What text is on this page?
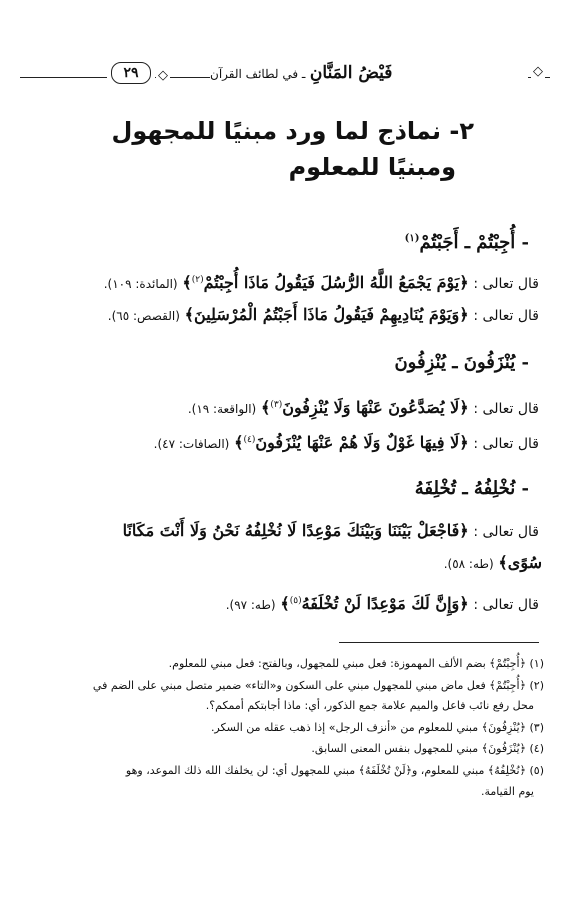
◇
فَيْضُ المَنَّانِ ـ في لطائف القرآن
◇
٢٩
٢- نماذج لما ورد مبنيًا للمجهول
ومبنيًا للمعلوم
- أُجِبْتُمْ ـ أَجَبْتُمْ$^{(١)}$
قال تعالى : ﴿يَوْمَ يَجْمَعُ اللَّهُ الرُّسُلَ فَيَقُولُ مَاذَا أُجِبْتُمْ$^{(٢)}$﴾ (المائدة: ١٠٩).
قال تعالى : ﴿وَيَوْمَ يُنَادِيهِمْ فَيَقُولُ مَاذَا أَجَبْتُمُ الْمُرْسَلِينَ﴾ (القصص: ٦٥).
- يُنْزَفُونَ ـ يُنْزِفُونَ
قال تعالى : ﴿لَا يُصَدَّعُونَ عَنْهَا وَلَا يُنْزِفُونَ$^{(٣)}$﴾ (الواقعة: ١٩).
قال تعالى : ﴿لَا فِيهَا غَوْلٌ وَلَا هُمْ عَنْهَا يُنْزَفُونَ$^{(٤)}$﴾ (الصافات: ٤٧).
- نُخْلِفُهُ ـ تُخْلِفَهُ
قال تعالى : ﴿فَاجْعَلْ بَيْنَنَا وَبَيْنَكَ مَوْعِدًا لَا نُخْلِفُهُ نَحْنُ وَلَا أَنْتَ مَكَانًا
سُوًى﴾ (طه: ٥٨).
قال تعالى : ﴿وَإِنَّ لَكَ مَوْعِدًا لَنْ تُخْلَفَهُ$^{(٥)}$﴾ (طه: ٩٧).
(١) ﴿أُجِبْتُمْ﴾ بضم الألف المهموزة: فعل مبني للمجهول، وبالفتح: فعل مبني للمعلوم.
(٢) ﴿أُجِبْتُمْ﴾ فعل ماض مبني للمجهول مبني على السكون و«التاء» ضمير متصل مبني على الضم في
محل رفع نائب فاعل والميم علامة جمع الذكور، أي: ماذا أجابتكم أممكم؟.
(٣) ﴿يُنْزِفُونَ﴾ مبني للمعلوم من «أنزف الرجل» إذا ذهب عقله من السكر.
(٤) ﴿يُنْزَفُونَ﴾ مبني للمجهول بنفس المعنى السابق.
(٥) ﴿نُخْلِفُهُ﴾ مبني للمعلوم، و﴿لَنْ تُخْلَفَهُ﴾ مبني للمجهول أي: لن يخلفك الله ذلك الموعد، وهو
يوم القيامة.
